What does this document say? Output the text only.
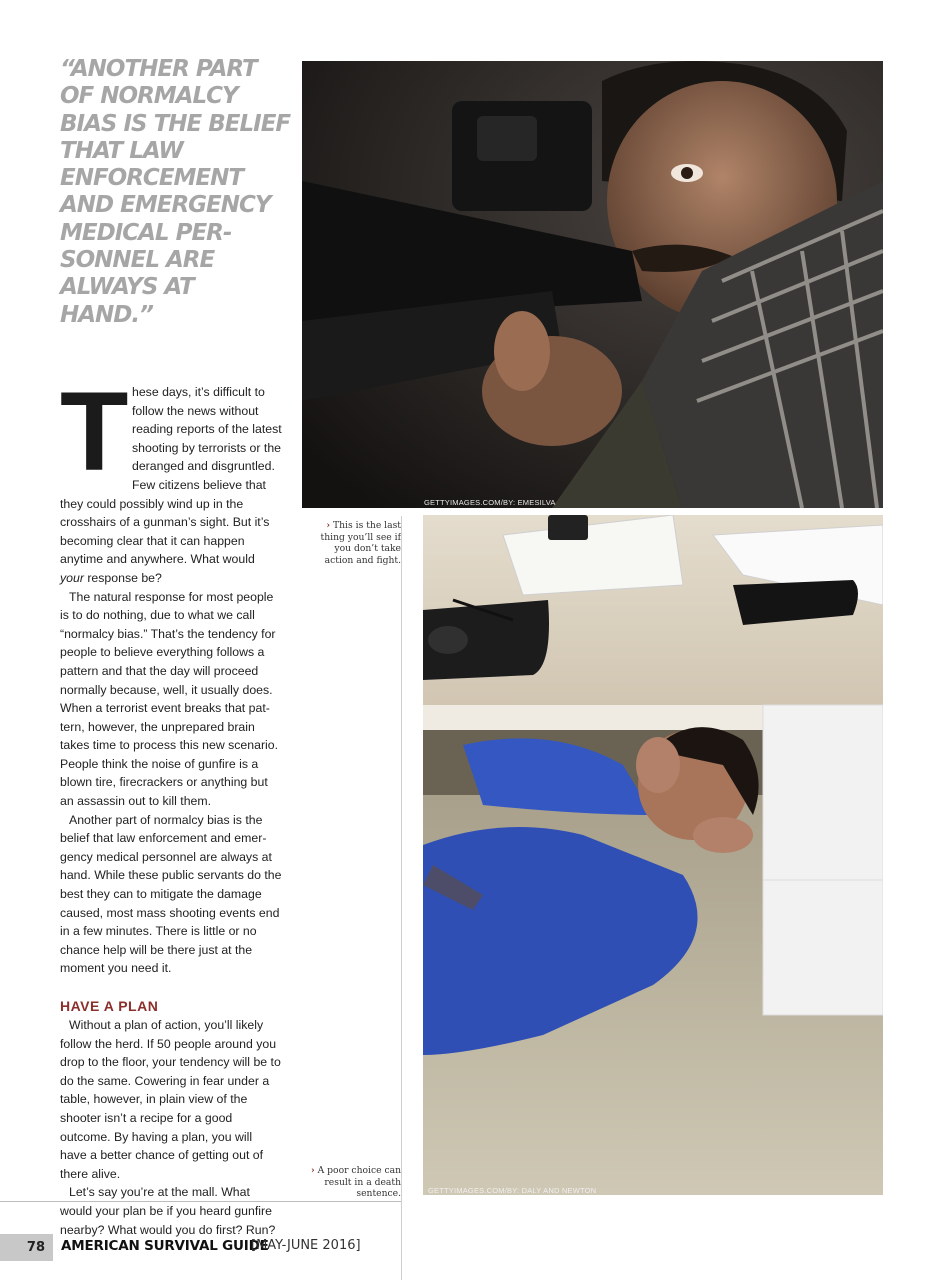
“ANOTHER PART OF NORMALCY BIAS IS THE BELIEF THAT LAW ENFORCEMENT AND EMERGENCY MEDICAL PER-SONNEL ARE ALWAYS AT HAND.”
T hese days, it’s difficult to follow the news without reading reports of the latest shooting by terrorists or the deranged and disgruntled. Few citizens believe that they could possibly wind up in the crosshairs of a gunman’s sight. But it’s becoming clear that it can happen anytime and anywhere. What would your response be?

The natural response for most people is to do nothing, due to what we call “normalcy bias.” That’s the tendency for people to believe everything follows a pattern and that the day will proceed normally because, well, it usually does. When a terrorist event breaks that pat-tern, however, the unprepared brain takes time to process this new scenario. People think the noise of gunfire is a blown tire, firecrackers or anything but an assassin out to kill them.

Another part of normalcy bias is the belief that law enforcement and emer-gency medical personnel are always at hand. While these public servants do the best they can to mitigate the damage caused, most mass shooting events end in a few minutes. There is little or no chance help will be there just at the moment you need it.

HAVE A PLAN

Without a plan of action, you’ll likely follow the herd. If 50 people around you drop to the floor, your tendency will be to do the same. Cowering in fear under a table, however, in plain view of the shooter isn’t a recipe for a good outcome. By having a plan, you will have a better chance of getting out of there alive.

Let’s say you’re at the mall. What would your plan be if you heard gunfire nearby? What would you do first? Run?

GETTYIMAGES.COM/BY: EMESILVA
› This is the last thing you’ll see if you don’t take action and fight.
GETTYIMAGES.COM/BY: DALY AND NEWTON
› A poor choice can result in a death sentence.
78	AMERICAN SURVIVAL GUIDE
[MAY-JUNE 2016]
